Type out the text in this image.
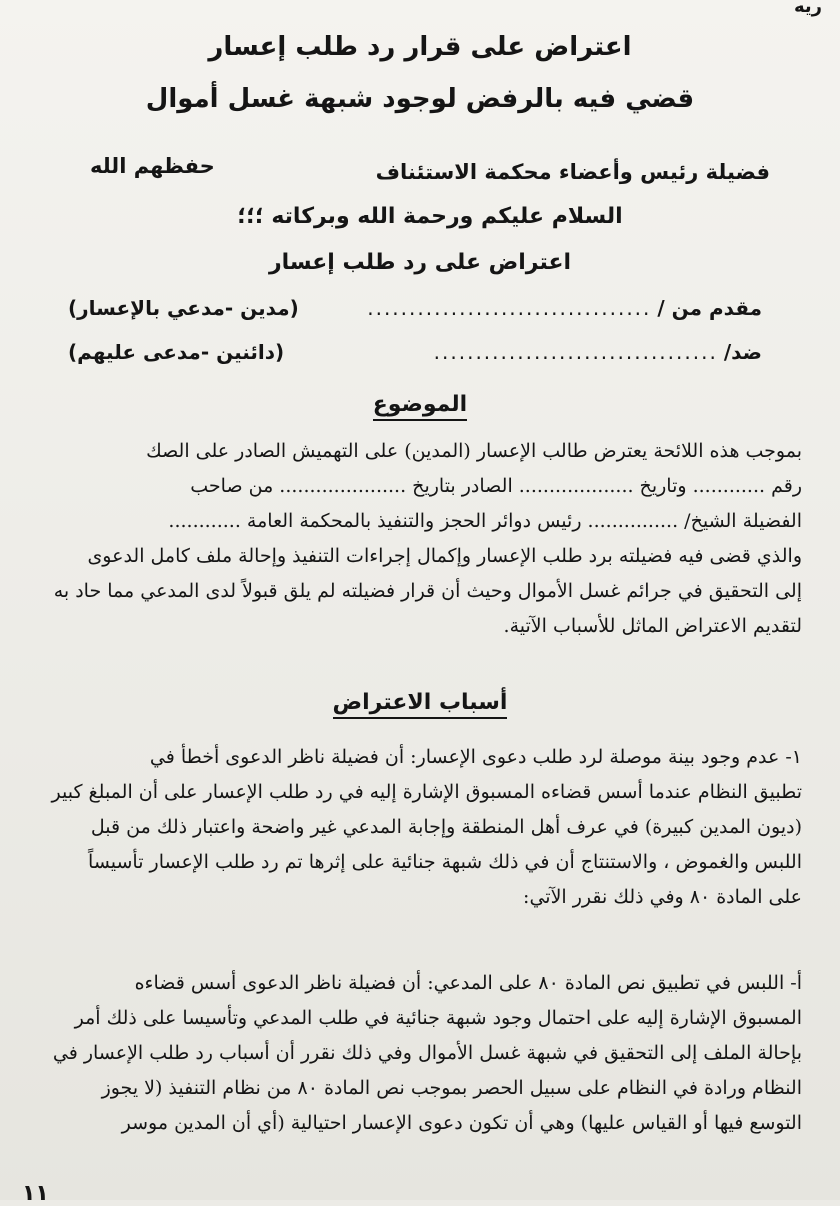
ريه
اعتراض على قرار رد طلب إعسار
قضي فيه بالرفض لوجود شبهة غسل أموال
فضيلة رئيس وأعضاء محكمة الاستئناف
حفظهم الله
السلام عليكم ورحمة الله وبركاته ؛؛؛
اعتراض على رد طلب إعسار
مقدم من /
..................................
(مدين -مدعي بالإعسار)
ضد/
..................................
(دائنين -مدعى عليهم)
الموضوع
بموجب هذه اللائحة يعترض طالب الإعسار (المدين) على التهميش الصادر على الصك
رقم ............ وتاريخ ................... الصادر بتاريخ ..................... من صاحب
الفضيلة الشيخ/ ............... رئيس دوائر الحجز والتنفيذ بالمحكمة العامة ............
والذي قضى فيه فضيلته برد طلب الإعسار وإكمال إجراءات التنفيذ وإحالة ملف كامل الدعوى
إلى التحقيق في جرائم غسل الأموال وحيث أن قرار فضيلته لم يلق قبولاً لدى المدعي مما حاد به
لتقديم الاعتراض الماثل للأسباب الآتية.
أسباب الاعتراض
١- عدم وجود بينة موصلة لرد طلب دعوى الإعسار: أن فضيلة ناظر الدعوى أخطأ في
تطبيق النظام عندما أسس قضاءه المسبوق الإشارة إليه في رد طلب الإعسار على أن المبلغ كبير
(ديون المدين كبيرة) في عرف أهل المنطقة وإجابة المدعي غير واضحة واعتبار ذلك من قبل
اللبس والغموض ، والاستنتاج أن في ذلك شبهة جنائية على إثرها تم رد طلب الإعسار تأسيساً
على المادة ٨٠ وفي ذلك نقرر الآتي:
أ- اللبس في تطبيق نص المادة ٨٠ على المدعي: أن فضيلة ناظر الدعوى أسس قضاءه
المسبوق الإشارة إليه على احتمال وجود شبهة جنائية في طلب المدعي وتأسيسا على ذلك أمر
بإحالة الملف إلى التحقيق في شبهة غسل الأموال وفي ذلك نقرر أن أسباب رد طلب الإعسار في
النظام ورادة في النظام على سبيل الحصر بموجب نص المادة ٨٠ من نظام التنفيذ (لا يجوز
التوسع فيها أو القياس عليها) وهي أن تكون دعوى الإعسار احتيالية (أي أن المدين موسر
١١
